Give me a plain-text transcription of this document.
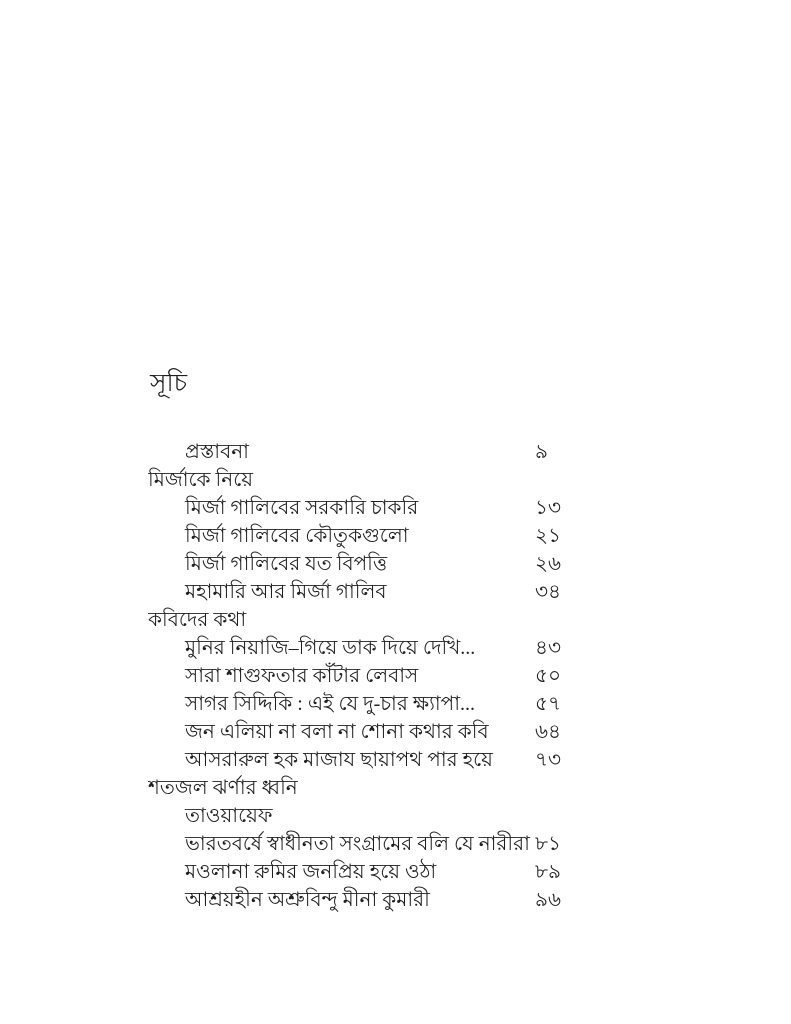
সূচি
প্রস্তাবনা	৯
মির্জাকে নিয়ে
মির্জা গালিবের সরকারি চাকরি	১৩
মির্জা গালিবের কৌতুকগুলো	২১
মির্জা গালিবের যত বিপত্তি	২৬
মহামারি আর মির্জা গালিব	৩৪
কবিদের কথা
মুনির নিয়াজি–গিয়ে ডাক দিয়ে দেখি...	৪৩
সারা শাগুফতার কাঁটার লেবাস	৫০
সাগর সিদ্দিকি : এই যে দু-চার ক্ষ্যাপা...	৫৭
জন এলিয়া না বলা না শোনা কথার কবি	৬৪
আসরারুল হক মাজায ছায়াপথ পার হয়ে	৭৩
শতজল ঝর্ণার ধ্বনি
তাওয়ায়েফ
ভারতবর্ষে স্বাধীনতা সংগ্রামের বলি যে নারীরা ৮১
মওলানা রুমির জনপ্রিয় হয়ে ওঠা	৮৯
আশ্রয়হীন অশ্রুবিন্দু মীনা কুমারী	৯৬
